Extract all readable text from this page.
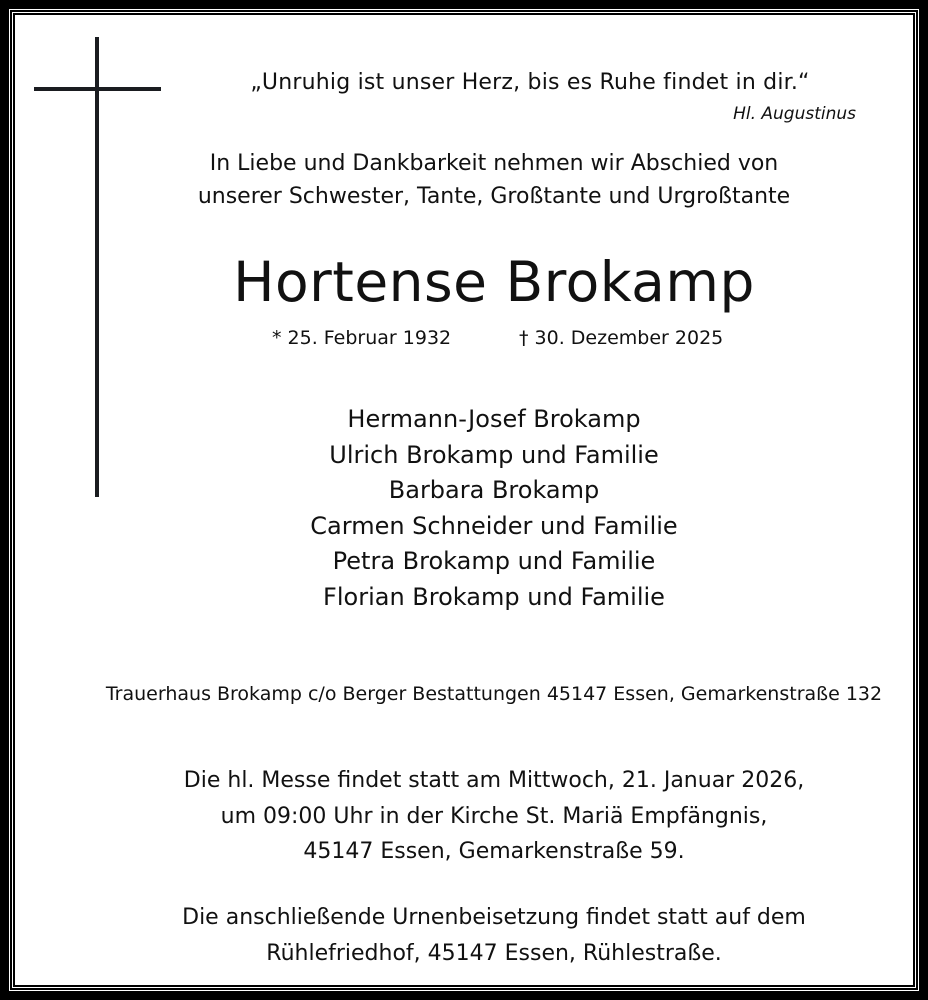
„Unruhig ist unser Herz, bis es Ruhe findet in dir.“
Hl. Augustinus
In Liebe und Dankbarkeit nehmen wir Abschied von
unserer Schwester, Tante, Großtante und Urgroßtante
Hortense Brokamp
* 25. Februar 1932	† 30. Dezember 2025
Hermann-Josef Brokamp
Ulrich Brokamp und Familie
Barbara Brokamp
Carmen Schneider und Familie
Petra Brokamp und Familie
Florian Brokamp und Familie
Trauerhaus Brokamp c/o Berger Bestattungen 45147 Essen, Gemarkenstraße 132
Die hl. Messe findet statt am Mittwoch, 21. Januar 2026,
um 09:00 Uhr in der Kirche St. Mariä Empfängnis,
45147 Essen, Gemarkenstraße 59.
Die anschließende Urnenbeisetzung findet statt auf dem
Rühlefriedhof, 45147 Essen, Rühlestraße.
